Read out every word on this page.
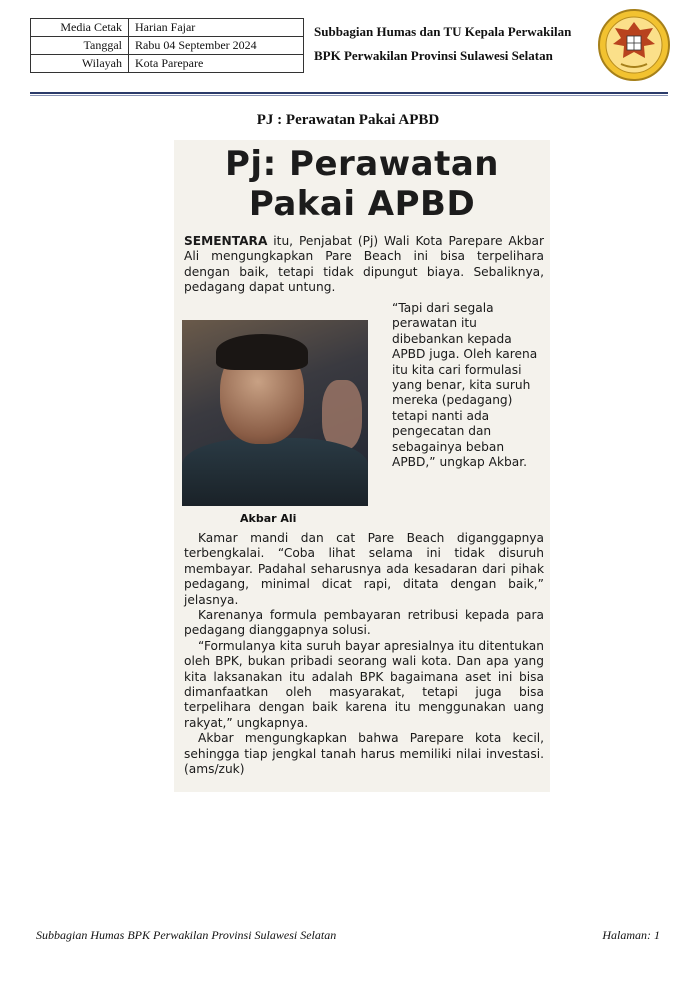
Media Cetak	Harian Fajar
Tanggal	Rabu 04 September 2024
Wilayah	Kota Parepare
Subbagian Humas dan TU Kepala Perwakilan
BPK Perwakilan Provinsi Sulawesi Selatan
PJ : Perawatan Pakai APBD
Pj: Perawatan
Pakai APBD
SEMENTARA itu, Penjabat (Pj) Wali Kota Parepare Akbar Ali mengungkapkan Pare Beach ini bisa terpelihara dengan baik, tetapi tidak dipungut biaya. Sebaliknya, pedagang dapat untung.
Akbar Ali
“Tapi dari segala perawatan itu dibebankan kepada APBD juga. Oleh karena itu kita cari formulasi yang benar, kita suruh mereka (pedagang) tetapi nanti ada pengecatan dan sebagainya beban APBD,” ungkap Akbar.

Kamar mandi dan cat Pare Beach diganggapnya terbengkalai. “Coba lihat selama ini tidak disuruh membayar. Padahal seharusnya ada kesadaran dari pihak pedagang, minimal dicat rapi, ditata dengan baik,” jelasnya.

Karenanya formula pembayaran retribusi kepada para pedagang dianggapnya solusi.

“Formulanya kita suruh bayar apresialnya itu ditentukan oleh BPK, bukan pribadi seorang wali kota. Dan apa yang kita laksanakan itu adalah BPK bagaimana aset ini bisa dimanfaatkan oleh masyarakat, tetapi juga bisa terpelihara dengan baik karena itu menggunakan uang rakyat,” ungkapnya.

Akbar mengungkapkan bahwa Parepare kota kecil, sehingga tiap jengkal tanah harus memiliki nilai investasi. (ams/zuk)

Subbagian Humas BPK Perwakilan Provinsi Sulawesi Selatan	Halaman: 1
